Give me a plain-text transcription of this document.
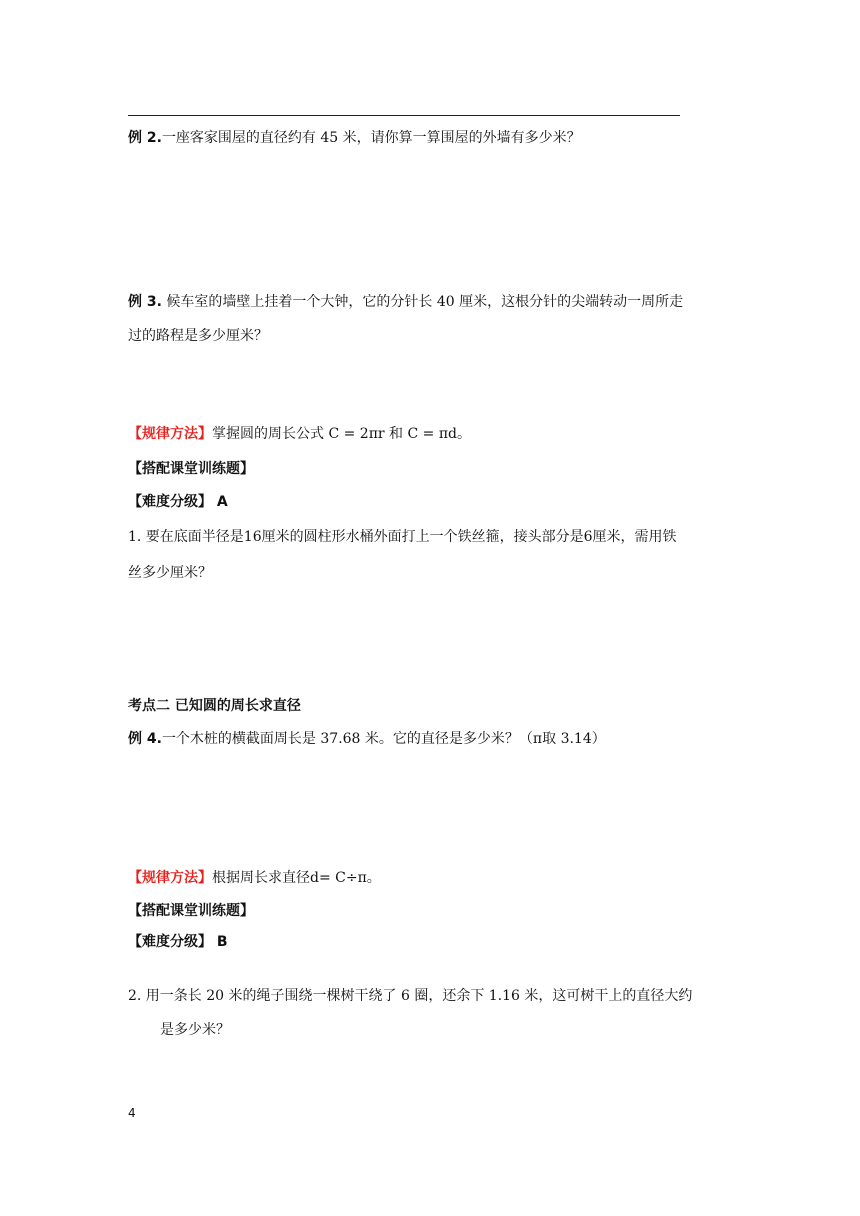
例 2.一座客家围屋的直径约有 45 米，请你算一算围屋的外墙有多少米？
例 3. 候车室的墙壁上挂着一个大钟，它的分针长 40 厘米，这根分针的尖端转动一周所走
过的路程是多少厘米？
【规律方法】掌握圆的周长公式 C = 2πr 和 C = πd。
【搭配课堂训练题】
【难度分级】 A
1. 要在底面半径是16厘米的圆柱形水桶外面打上一个铁丝箍，接头部分是6厘米，需用铁
丝多少厘米？
考点二 已知圆的周长求直径
例 4.一个木桩的横截面周长是 37.68 米。它的直径是多少米？（π取 3.14）
【规律方法】根据周长求直径d= C÷π。
【搭配课堂训练题】
【难度分级】 B
2. 用一条长 20 米的绳子围绕一棵树干绕了 6 圈，还余下 1.16 米，这可树干上的直径大约
是多少米？
4
